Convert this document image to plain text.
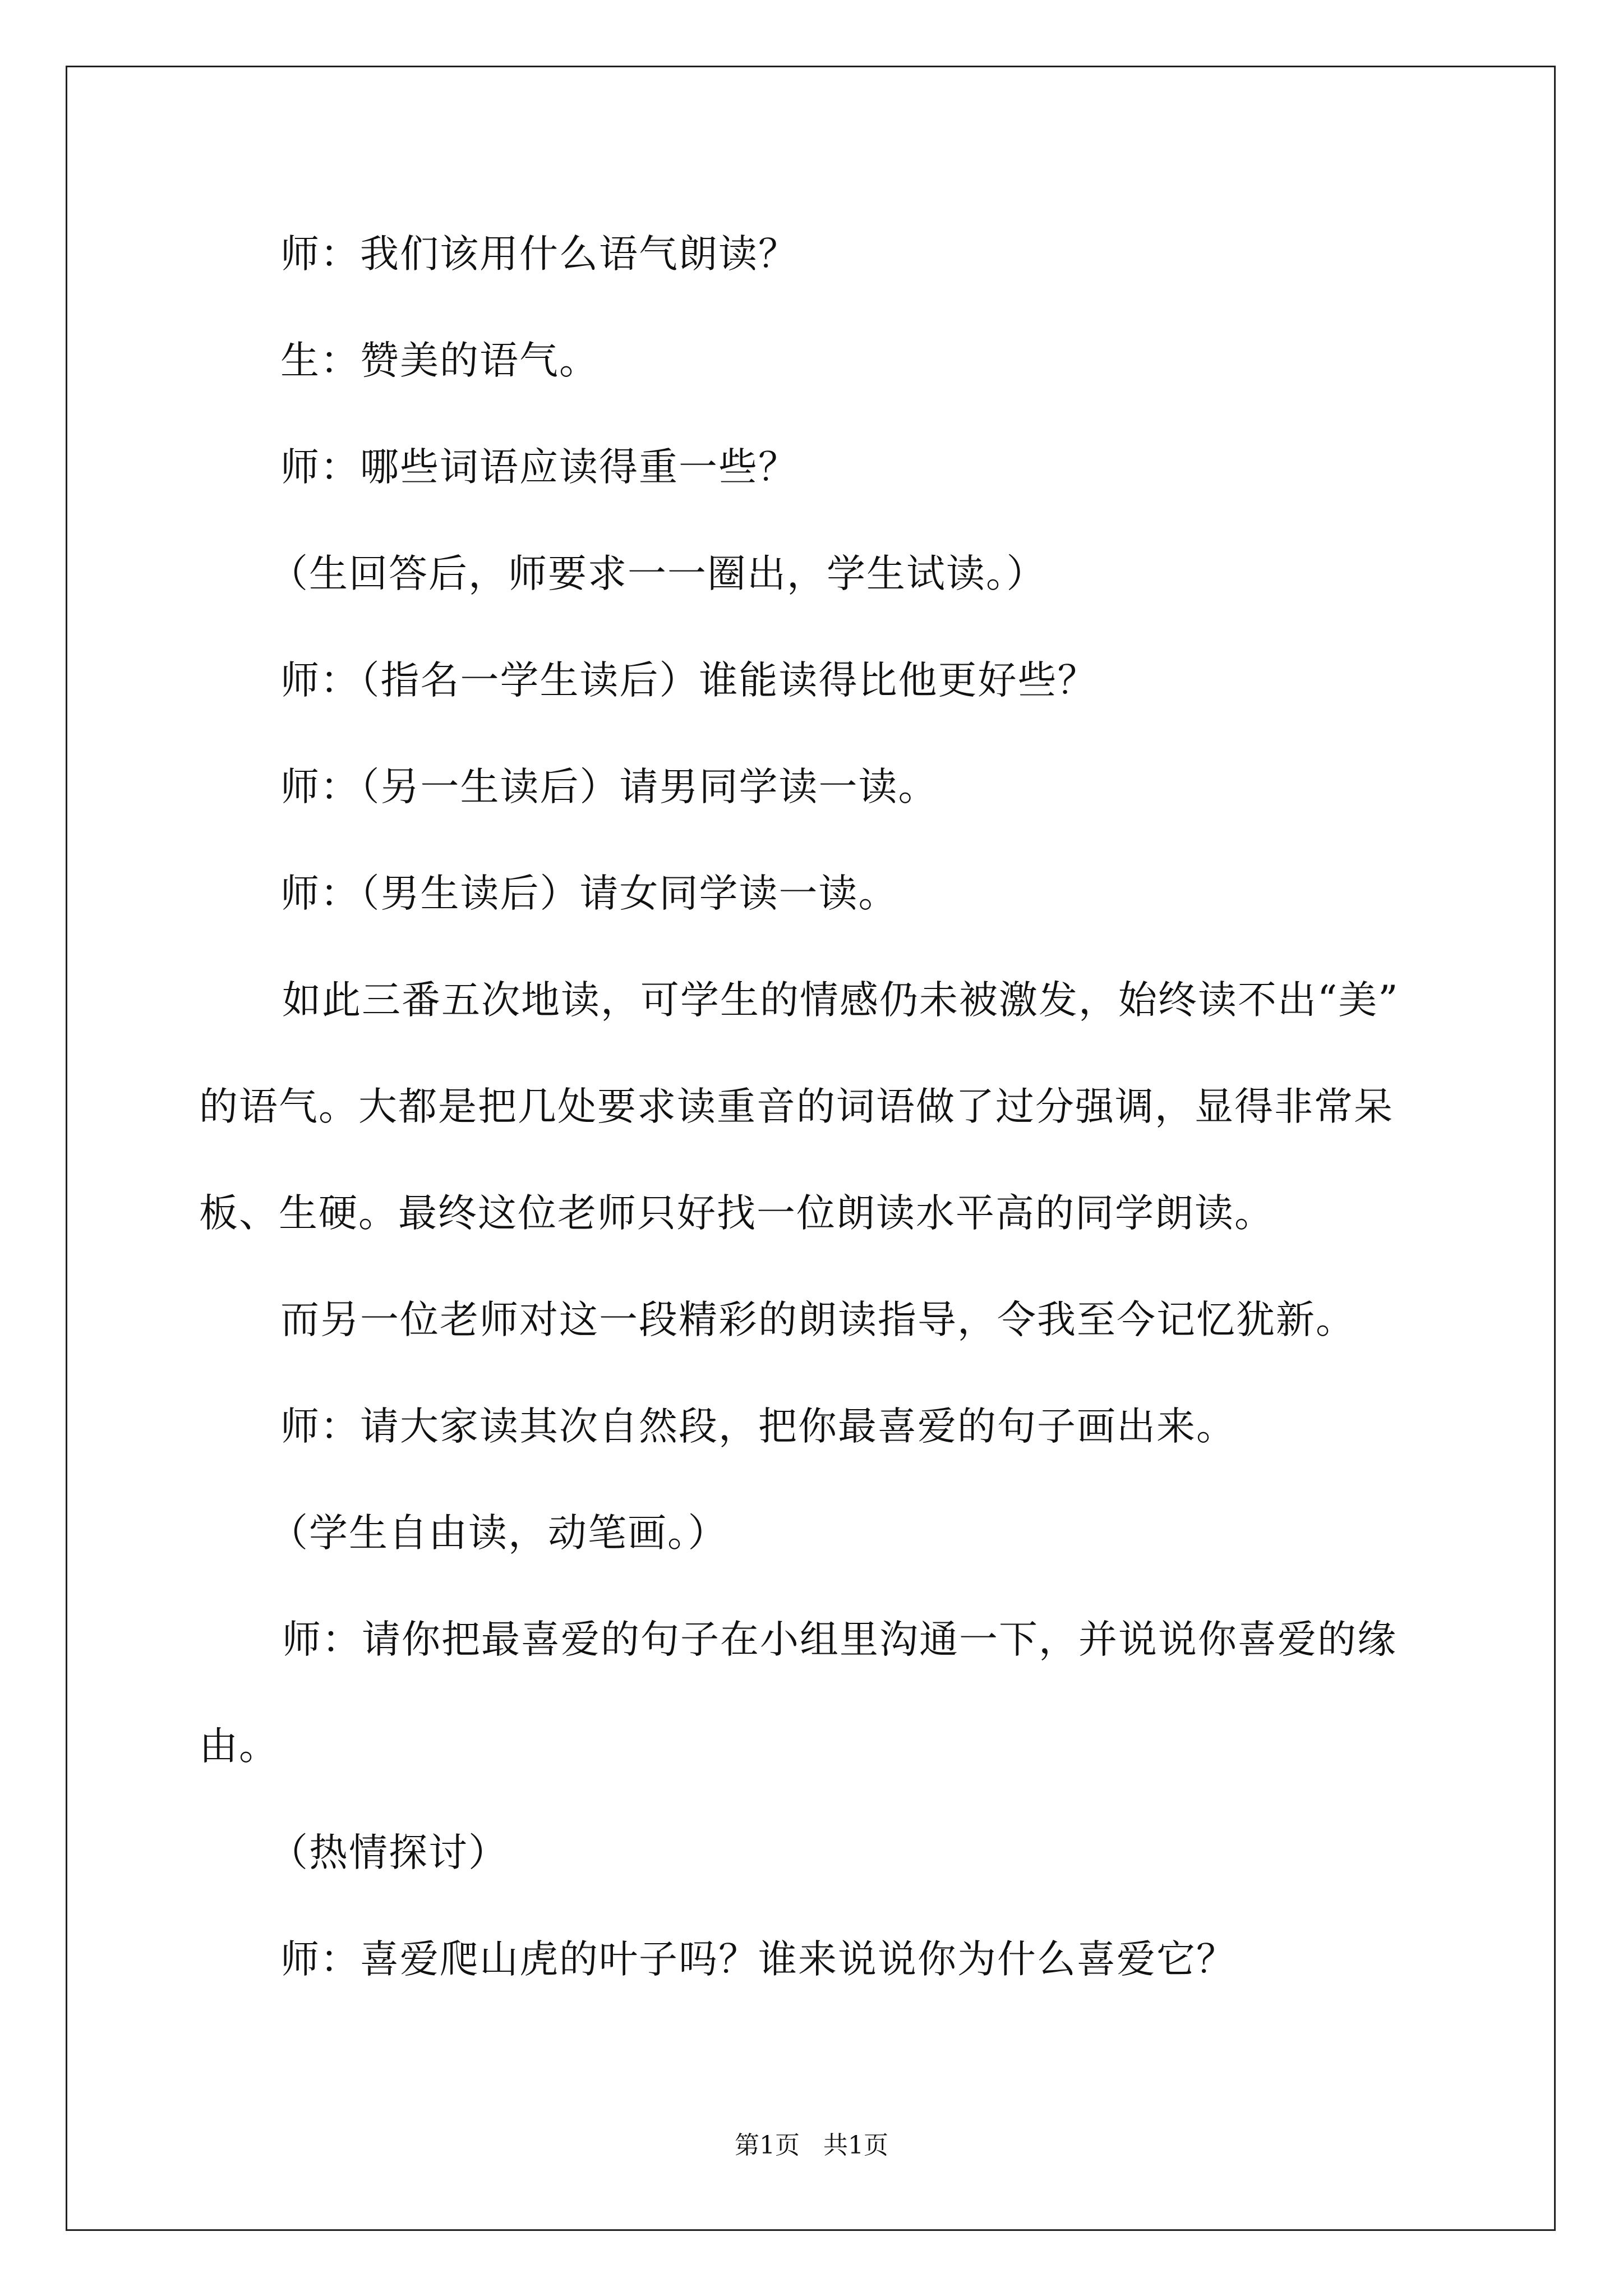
师：我们该用什么语气朗读？
生：赞美的语气。
师：哪些词语应读得重一些？
（生回答后，师要求一一圈出，学生试读。）
师：（指名一学生读后）谁能读得比他更好些？
师：（另一生读后）请男同学读一读。
师：（男生读后）请女同学读一读。
如此三番五次地读，可学生的情感仍未被激发，始终读不出“美”
的语气。大都是把几处要求读重音的词语做了过分强调，显得非常呆
板、生硬。最终这位老师只好找一位朗读水平高的同学朗读。
而另一位老师对这一段精彩的朗读指导，令我至今记忆犹新。
师：请大家读其次自然段，把你最喜爱的句子画出来。
（学生自由读，动笔画。）
师：请你把最喜爱的句子在小组里沟通一下，并说说你喜爱的缘
由。
（热情探讨）
师：喜爱爬山虎的叶子吗？谁来说说你为什么喜爱它？
第1页   共1页
